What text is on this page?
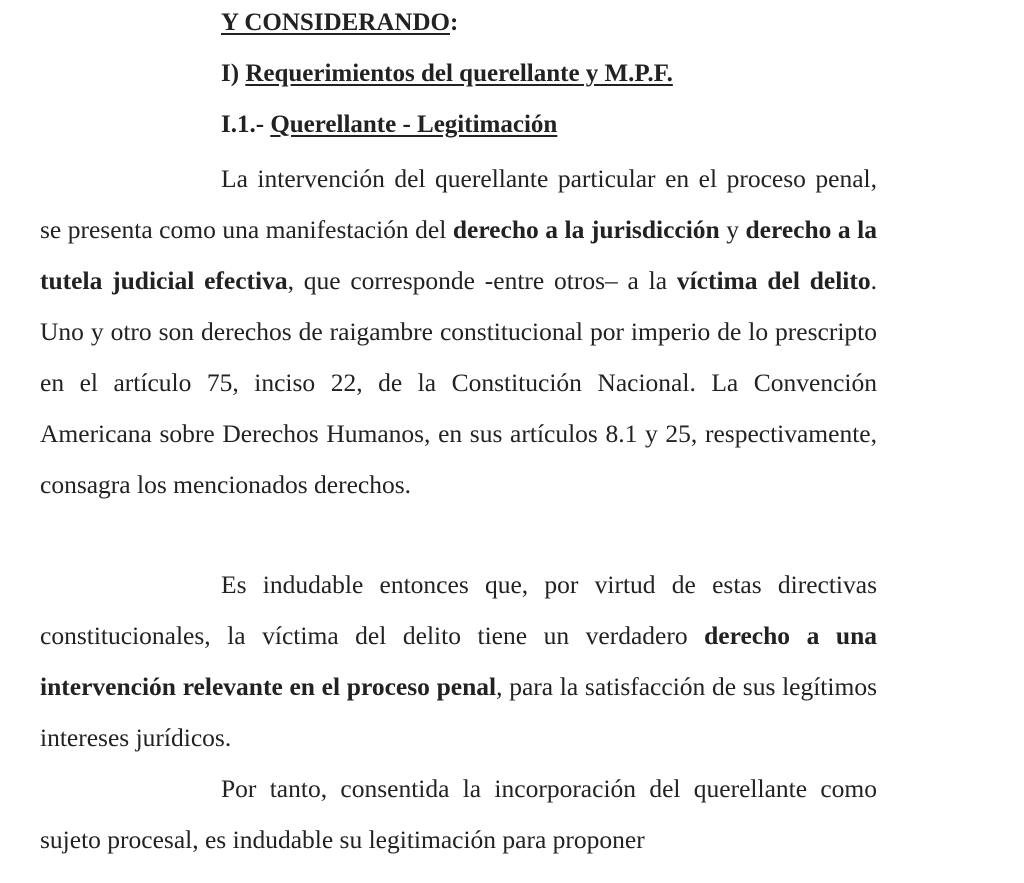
Y CONSIDERANDO:

I) Requerimientos del querellante y M.P.F.

I.1.- Querellante - Legitimación

La intervención del querellante particular en el proceso penal, se presenta como una manifestación del derecho a la jurisdicción y derecho a la tutela judicial efectiva, que corresponde -entre otros– a la víctima del delito. Uno y otro son derechos de raigambre constitucional por imperio de lo prescripto en el artículo 75, inciso 22, de la Constitución Nacional. La Convención Americana sobre Derechos Humanos, en sus artículos 8.1 y 25, respectivamente, consagra los mencionados derechos.

Es indudable entonces que, por virtud de estas directivas constitucionales, la víctima del delito tiene un verdadero derecho a una intervención relevante en el proceso penal, para la satisfacción de sus legítimos intereses jurídicos.

Por tanto, consentida la incorporación del querellante como sujeto procesal, es indudable su legitimación para proponer
